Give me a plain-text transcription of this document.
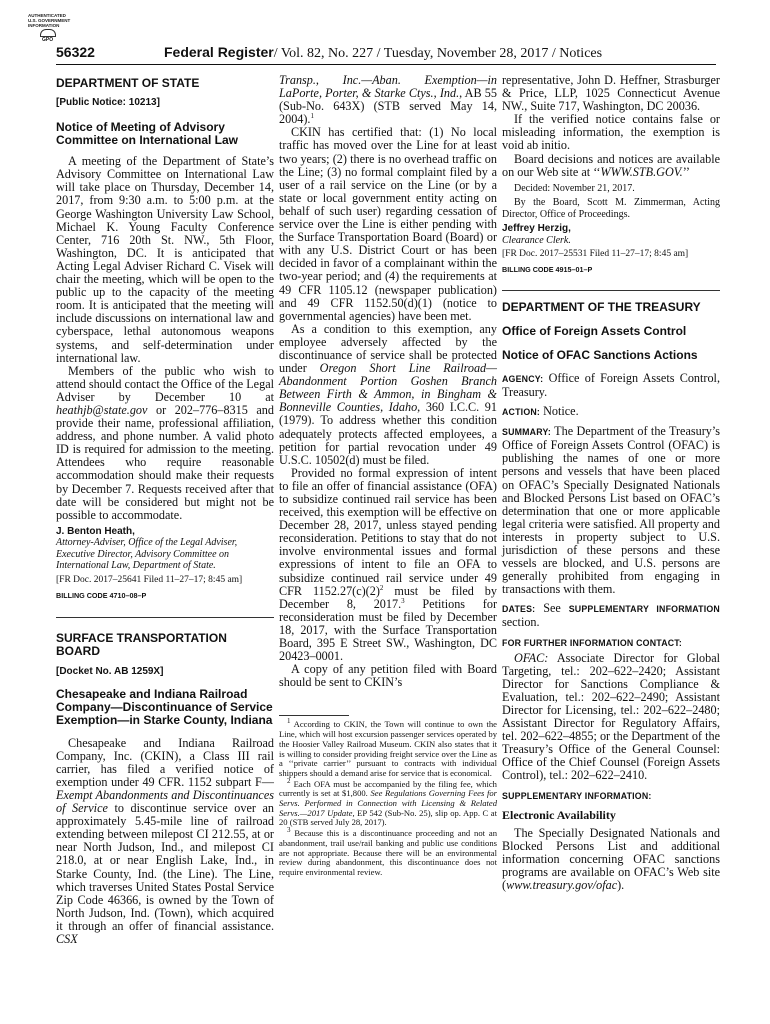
AUTHENTICATED
U.S. GOVERNMENT
INFORMATION
GPO
56322	Federal Register/ Vol. 82, No. 227 / Tuesday, November 28, 2017 / Notices
DEPARTMENT OF STATE
[Public Notice: 10213]
Notice of Meeting of Advisory Committee on International Law

A meeting of the Department of State’s Advisory Committee on International Law will take place on Thursday, December 14, 2017, from 9:30 a.m. to 5:00 p.m. at the George Washington University Law School, Michael K. Young Faculty Conference Center, 716 20th St. NW., 5th Floor, Washington, DC. It is anticipated that Acting Legal Adviser Richard C. Visek will chair the meeting, which will be open to the public up to the capacity of the meeting room. It is anticipated that the meeting will include discussions on international law and cyberspace, lethal autonomous weapons systems, and self-determination under international law.

Members of the public who wish to attend should contact the Office of the Legal Adviser by December 10 at heathjb@state.gov or 202–776–8315 and provide their name, professional affiliation, address, and phone number. A valid photo ID is required for admission to the meeting. Attendees who require reasonable accommodation should make their requests by December 7. Requests received after that date will be considered but might not be possible to accommodate.

J. Benton Heath,
Attorney-Adviser, Office of the Legal Adviser, Executive Director, Advisory Committee on International Law, Department of State.
[FR Doc. 2017–25641 Filed 11–27–17; 8:45 am]
BILLING CODE 4710–08–P
SURFACE TRANSPORTATION BOARD
[Docket No. AB 1259X]
Chesapeake and Indiana Railroad Company—Discontinuance of Service Exemption—in Starke County, Indiana

Chesapeake and Indiana Railroad Company, Inc. (CKIN), a Class III rail carrier, has filed a verified notice of exemption under 49 CFR. 1152 subpart F—Exempt Abandonments and Discontinuances of Service to discontinue service over an approximately 5.45-mile line of railroad extending between milepost CI 212.55, at or near North Judson, Ind., and milepost CI 218.0, at or near English Lake, Ind., in Starke County, Ind. (the Line). The Line, which traverses United States Postal Service Zip Code 46366, is owned by the Town of North Judson, Ind. (Town), which acquired it through an offer of financial assistance. CSX

Transp., Inc.—Aban. Exemption—in LaPorte, Porter, & Starke Ctys., Ind., AB 55 (Sub-No. 643X) (STB served May 14, 2004).$^1$

CKIN has certified that: (1) No local traffic has moved over the Line for at least two years; (2) there is no overhead traffic on the Line; (3) no formal complaint filed by a user of a rail service on the Line (or by a state or local government entity acting on behalf of such user) regarding cessation of service over the Line is either pending with the Surface Transportation Board (Board) or with any U.S. District Court or has been decided in favor of a complainant within the two-year period; and (4) the requirements at 49 CFR 1105.12 (newspaper publication) and 49 CFR 1152.50(d)(1) (notice to governmental agencies) have been met.

As a condition to this exemption, any employee adversely affected by the discontinuance of service shall be protected under Oregon Short Line Railroad—Abandonment Portion Goshen Branch Between Firth & Ammon, in Bingham & Bonneville Counties, Idaho, 360 I.C.C. 91 (1979). To address whether this condition adequately protects affected employees, a petition for partial revocation under 49 U.S.C. 10502(d) must be filed.

Provided no formal expression of intent to file an offer of financial assistance (OFA) to subsidize continued rail service has been received, this exemption will be effective on December 28, 2017, unless stayed pending reconsideration. Petitions to stay that do not involve environmental issues and formal expressions of intent to file an OFA to subsidize continued rail service under 49 CFR $1152.27(c)(2)^2$ must be filed by December 8, 2017.$^3$ Petitions for reconsideration must be filed by December 18, 2017, with the Surface Transportation Board, 395 E Street SW., Washington, DC 20423–0001.

A copy of any petition filed with Board should be sent to CKIN’s

$^1$ According to CKIN, the Town will continue to own the Line, which will host excursion passenger services operated by the Hoosier Valley Railroad Museum. CKIN also states that it is willing to consider providing freight service over the Line as a ‘‘private carrier’’ pursuant to contracts with individual shippers should a demand arise for service that is economical.

$^2$ Each OFA must be accompanied by the filing fee, which currently is set at $1,800. See Regulations Governing Fees for Servs. Performed in Connection with Licensing & Related Servs.—2017 Update, EP 542 (Sub-No. 25), slip op. App. C at 20 (STB served July 28, 2017).

$^3$ Because this is a discontinuance proceeding and not an abandonment, trail use/rail banking and public use conditions are not appropriate. Because there will be an environmental review during abandonment, this discontinuance does not require environmental review.

representative, John D. Heffner, Strasburger & Price, LLP, 1025 Connecticut Avenue NW., Suite 717, Washington, DC 20036.

If the verified notice contains false or misleading information, the exemption is void ab initio.

Board decisions and notices are available on our Web site at ‘‘WWW.STB.GOV.’’

Decided: November 21, 2017.

By the Board, Scott M. Zimmerman, Acting Director, Office of Proceedings.

Jeffrey Herzig,
Clearance Clerk.
[FR Doc. 2017–25531 Filed 11–27–17; 8:45 am]
BILLING CODE 4915–01–P
DEPARTMENT OF THE TREASURY
Office of Foreign Assets Control
Notice of OFAC Sanctions Actions

AGENCY: Office of Foreign Assets Control, Treasury.

ACTION: Notice.

SUMMARY: The Department of the Treasury’s Office of Foreign Assets Control (OFAC) is publishing the names of one or more persons and vessels that have been placed on OFAC’s Specially Designated Nationals and Blocked Persons List based on OFAC’s determination that one or more applicable legal criteria were satisfied. All property and interests in property subject to U.S. jurisdiction of these persons and these vessels are blocked, and U.S. persons are generally prohibited from engaging in transactions with them.

DATES: See SUPPLEMENTARY INFORMATION section.

FOR FURTHER INFORMATION CONTACT:

OFAC: Associate Director for Global Targeting, tel.: 202–622–2420; Assistant Director for Sanctions Compliance & Evaluation, tel.: 202–622–2490; Assistant Director for Licensing, tel.: 202–622–2480; Assistant Director for Regulatory Affairs, tel. 202–622–4855; or the Department of the Treasury’s Office of the General Counsel: Office of the Chief Counsel (Foreign Assets Control), tel.: 202–622–2410.

SUPPLEMENTARY INFORMATION:

Electronic Availability

The Specially Designated Nationals and Blocked Persons List and additional information concerning OFAC sanctions programs are available on OFAC’s Web site (www.treasury.gov/ofac).
